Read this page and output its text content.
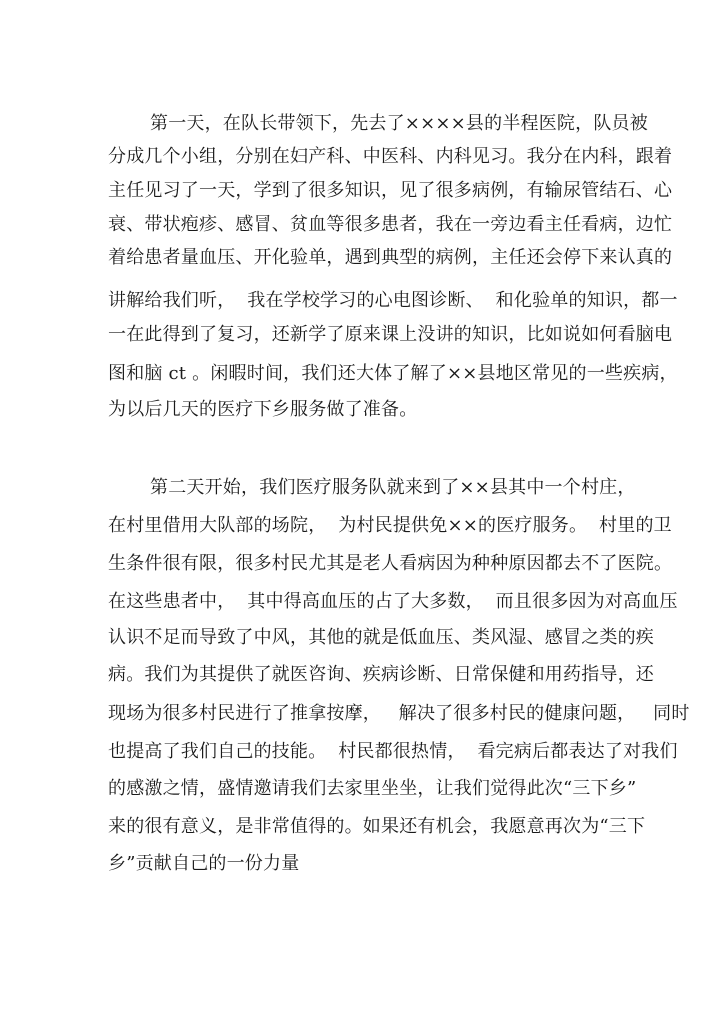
第一天，在队长带领下，先去了××××县的半程医院，队员被
分成几个小组，分别在妇产科、中医科、内科见习。我分在内科，跟着
主任见习了一天，学到了很多知识，见了很多病例，有输尿管结石、心
衰、带状疱疹、感冒、贫血等很多患者，我在一旁边看主任看病，边忙
着给患者量血压、开化验单，遇到典型的病例，主任还会停下来认真的
讲解给我们听，  我在学校学习的心电图诊断、  和化验单的知识，都一
一在此得到了复习，还新学了原来课上没讲的知识，比如说如何看脑电
图和脑 ct 。闲暇时间，我们还大体了解了××县地区常见的一些疾病，
为以后几天的医疗下乡服务做了准备。
第二天开始，我们医疗服务队就来到了××县其中一个村庄，
在村里借用大队部的场院，  为村民提供免××的医疗服务。  村里的卫
生条件很有限，很多村民尤其是老人看病因为种种原因都去不了医院。
在这些患者中，  其中得高血压的占了大多数，  而且很多因为对高血压
认识不足而导致了中风，其他的就是低血压、类风湿、感冒之类的疾
病。我们为其提供了就医咨询、疾病诊断、日常保健和用药指导，还
现场为很多村民进行了推拿按摩，   解决了很多村民的健康问题，   同时
也提高了我们自己的技能。  村民都很热情，  看完病后都表达了对我们
的感激之情，盛情邀请我们去家里坐坐，让我们觉得此次“三下乡”
来的很有意义，是非常值得的。如果还有机会，我愿意再次为“三下
乡”贡献自己的一份力量
